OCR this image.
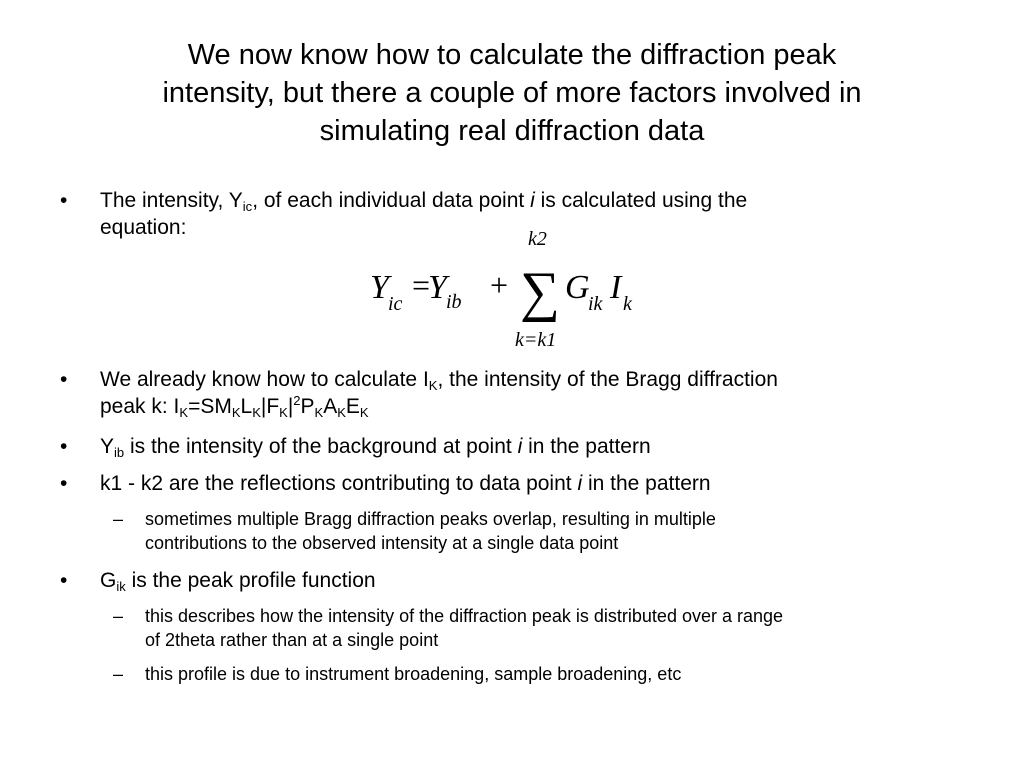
We now know how to calculate the diffraction peak
intensity, but there a couple of more factors involved in
simulating real diffraction data
•	The intensity, $Y_{ic}$, of each individual data point i is calculated using the
equation:
Y ic ib
Y
k2
k=k1
G
ik I k
= + ∑
•	We already know how to calculate $I_K$, the intensity of the Bragg diffraction
peak k: $I_K=SM_KL_K|F_K|^2P_KA_KE_K$
•	$Y_{ib}$ is the intensity of the background at point i in the pattern
•	k1 - k2 are the reflections contributing to data point i in the pattern
–	sometimes multiple Bragg diffraction peaks overlap, resulting in multiple
contributions to the observed intensity at a single data point
•	$G_{ik}$ is the peak profile function
–	this describes how the intensity of the diffraction peak is distributed over a range
of 2theta rather than at a single point
–	this profile is due to instrument broadening, sample broadening, etc
